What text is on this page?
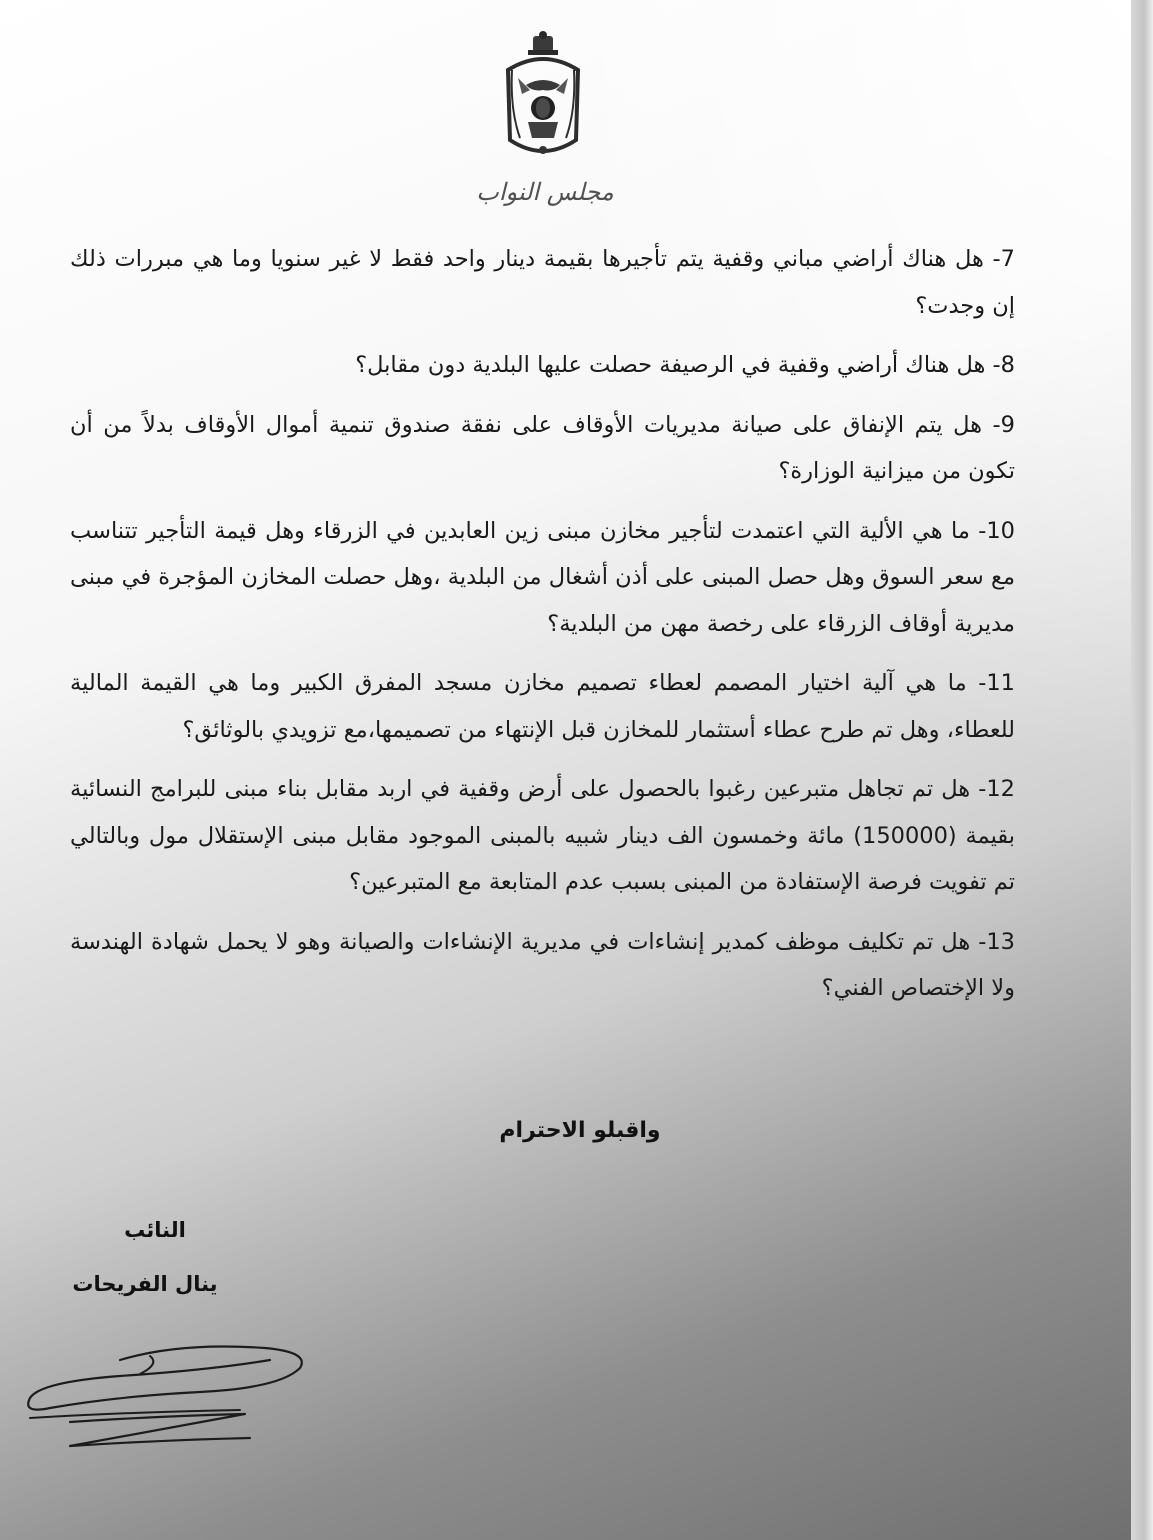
مجلس النواب

7- هل هناك أراضي مباني وقفية يتم تأجيرها بقيمة دينار واحد فقط لا غير سنويا وما هي مبررات ذلك إن وجدت؟

8- هل هناك أراضي وقفية في الرصيفة حصلت عليها البلدية دون مقابل؟

9- هل يتم الإنفاق على صيانة مديريات الأوقاف على نفقة صندوق تنمية أموال الأوقاف بدلاً من أن تكون من ميزانية الوزارة؟

10- ما هي الألية التي اعتمدت لتأجير مخازن مبنى زين العابدين في الزرقاء وهل قيمة التأجير تتناسب مع سعر السوق وهل حصل المبنى على أذن أشغال من البلدية ،وهل حصلت المخازن المؤجرة في مبنى مديرية أوقاف الزرقاء على رخصة مهن من البلدية؟

11- ما هي آلية اختيار المصمم لعطاء تصميم مخازن مسجد المفرق الكبير وما هي القيمة المالية للعطاء، وهل تم طرح عطاء أستثمار للمخازن قبل الإنتهاء من تصميمها،مع تزويدي بالوثائق؟

12- هل تم تجاهل متبرعين رغبوا بالحصول على أرض وقفية في اربد مقابل بناء مبنى للبرامج النسائية بقيمة (150000) مائة وخمسون الف دينار شبيه بالمبنى الموجود مقابل مبنى الإستقلال مول وبالتالي تم تفويت فرصة الإستفادة من المبنى بسبب عدم المتابعة مع المتبرعين؟

13- هل تم تكليف موظف كمدير إنشاءات في مديرية الإنشاءات والصيانة وهو لا يحمل شهادة الهندسة ولا الإختصاص الفني؟

واقبلو الاحترام
النائب
ينال الفريحات
